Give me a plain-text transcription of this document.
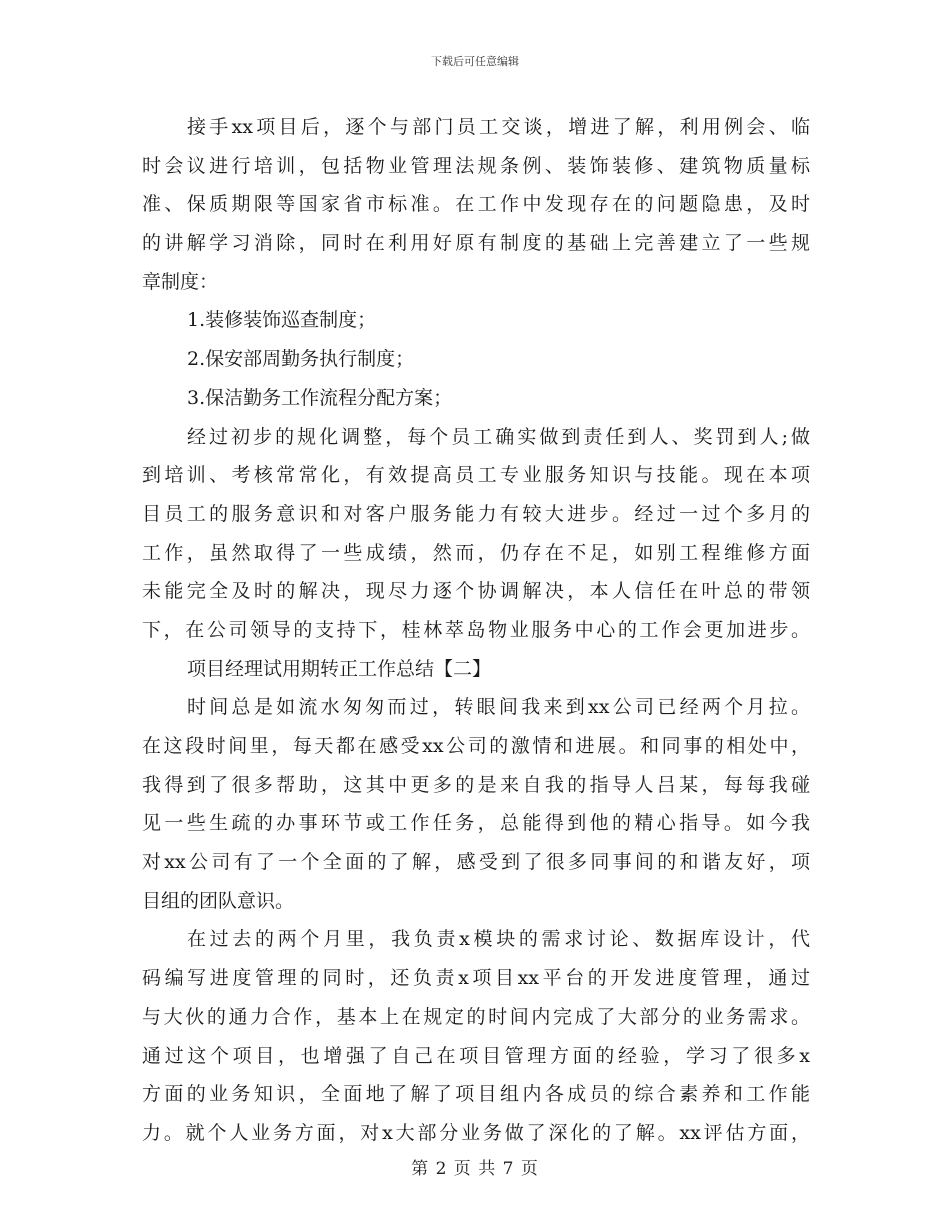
下载后可任意编辑
接手xx项目后，逐个与部门员工交谈，增进了解，利用例会、临
时会议进行培训，包括物业管理法规条例、装饰装修、建筑物质量标
准、保质期限等国家省市标准。在工作中发现存在的问题隐患，及时
的讲解学习消除，同时在利用好原有制度的基础上完善建立了一些规
章制度：
1.装修装饰巡查制度；
2.保安部周勤务执行制度；
3.保洁勤务工作流程分配方案；
经过初步的规化调整，每个员工确实做到责任到人、奖罚到人;做
到培训、考核常常化，有效提高员工专业服务知识与技能。现在本项
目员工的服务意识和对客户服务能力有较大进步。经过一过个多月的
工作，虽然取得了一些成绩，然而，仍存在不足，如别工程维修方面
未能完全及时的解决，现尽力逐个协调解决，本人信任在叶总的带领
下，在公司领导的支持下，桂林萃岛物业服务中心的工作会更加进步。
项目经理试用期转正工作总结【二】
时间总是如流水匆匆而过，转眼间我来到xx公司已经两个月拉。
在这段时间里，每天都在感受xx公司的激情和进展。和同事的相处中，
我得到了很多帮助，这其中更多的是来自我的指导人吕某，每每我碰
见一些生疏的办事环节或工作任务，总能得到他的精心指导。如今我
对xx公司有了一个全面的了解，感受到了很多同事间的和谐友好，项
目组的团队意识。
在过去的两个月里，我负责x模块的需求讨论、数据库设计，代
码编写进度管理的同时，还负责x项目xx平台的开发进度管理，通过
与大伙的通力合作，基本上在规定的时间内完成了大部分的业务需求。
通过这个项目，也增强了自己在项目管理方面的经验，学习了很多x
方面的业务知识，全面地了解了项目组内各成员的综合素养和工作能
力。就个人业务方面，对x大部分业务做了深化的了解。xx评估方面，
第 2 页 共 7 页
